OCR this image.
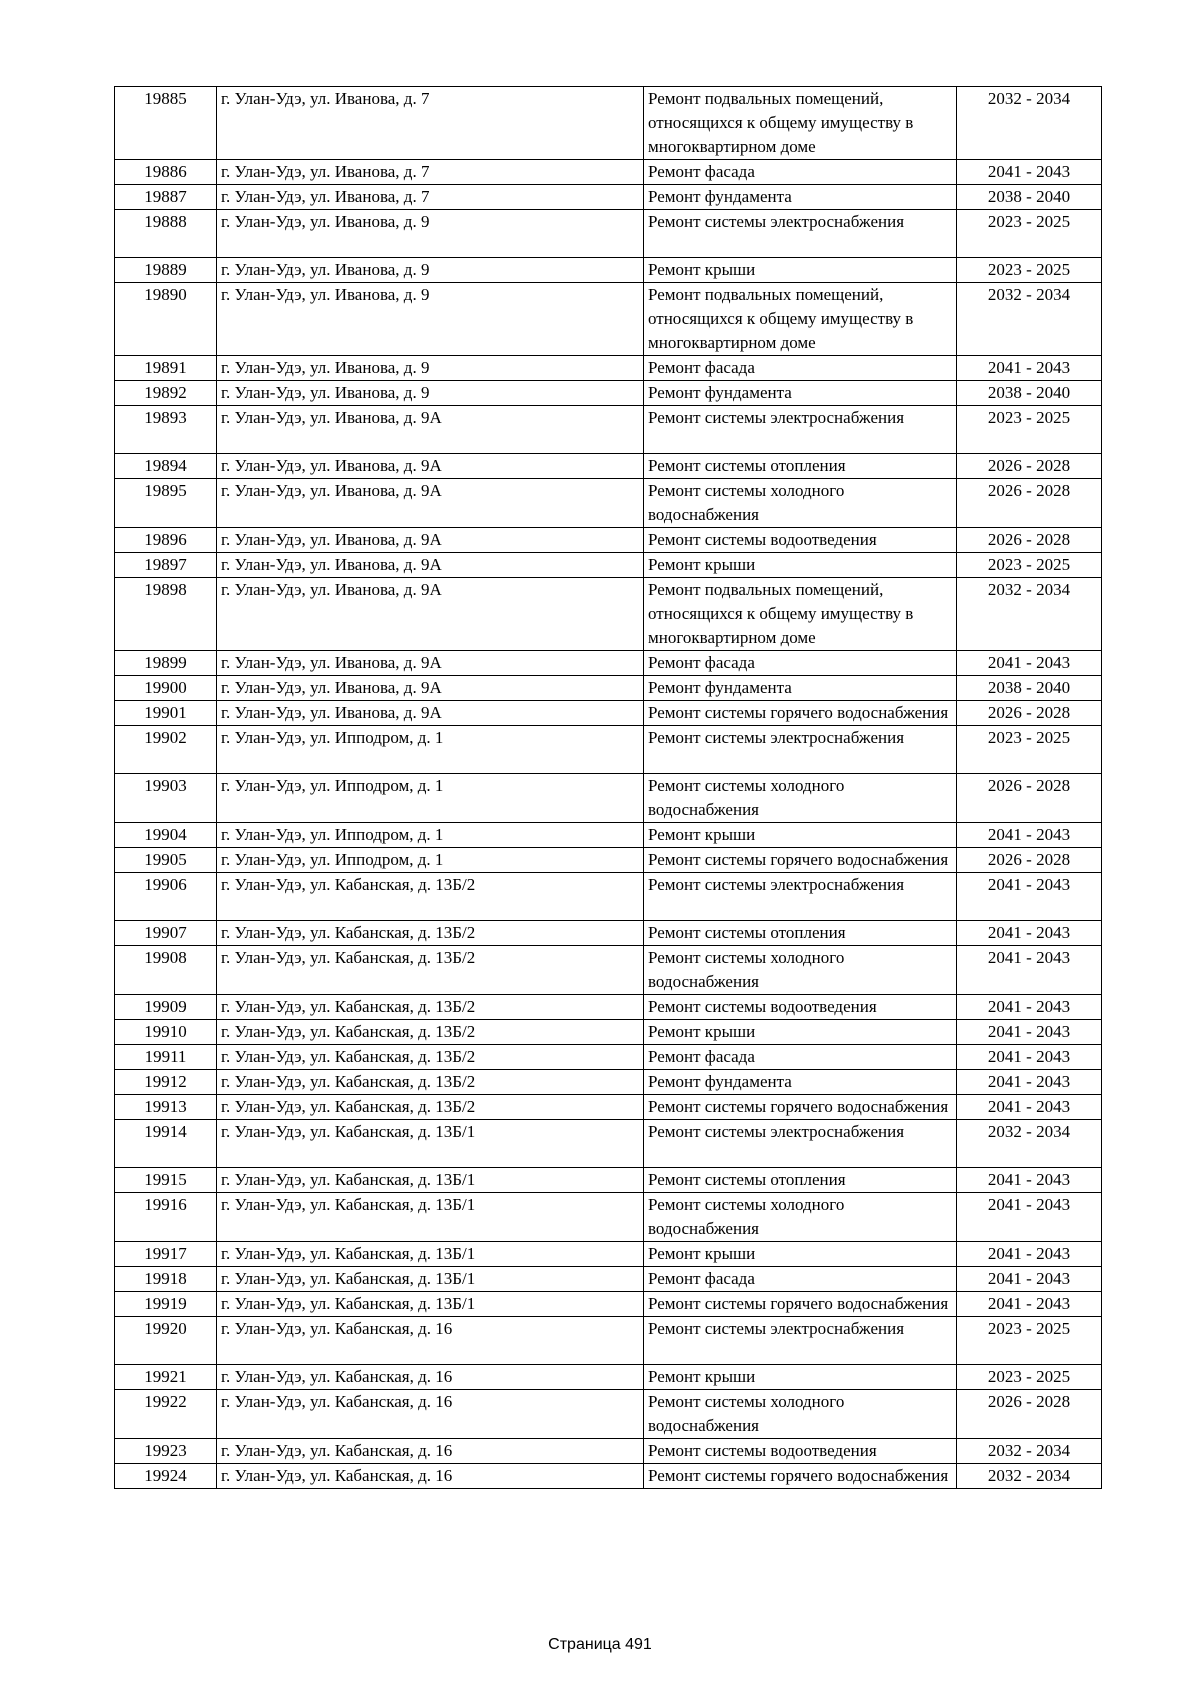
19885	г. Улан-Удэ, ул. Иванова, д. 7	Ремонт подвальных помещений, относящихся к общему имуществу в многоквартирном доме	2032 - 2034
19886	г. Улан-Удэ, ул. Иванова, д. 7	Ремонт фасада	2041 - 2043
19887	г. Улан-Удэ, ул. Иванова, д. 7	Ремонт фундамента	2038 - 2040
19888	г. Улан-Удэ, ул. Иванова, д. 9	Ремонт системы электроснабжения	2023 - 2025
19889	г. Улан-Удэ, ул. Иванова, д. 9	Ремонт крыши	2023 - 2025
19890	г. Улан-Удэ, ул. Иванова, д. 9	Ремонт подвальных помещений, относящихся к общему имуществу в многоквартирном доме	2032 - 2034
19891	г. Улан-Удэ, ул. Иванова, д. 9	Ремонт фасада	2041 - 2043
19892	г. Улан-Удэ, ул. Иванова, д. 9	Ремонт фундамента	2038 - 2040
19893	г. Улан-Удэ, ул. Иванова, д. 9А	Ремонт системы электроснабжения	2023 - 2025
19894	г. Улан-Удэ, ул. Иванова, д. 9А	Ремонт системы отопления	2026 - 2028
19895	г. Улан-Удэ, ул. Иванова, д. 9А	Ремонт системы холодного водоснабжения	2026 - 2028
19896	г. Улан-Удэ, ул. Иванова, д. 9А	Ремонт системы водоотведения	2026 - 2028
19897	г. Улан-Удэ, ул. Иванова, д. 9А	Ремонт крыши	2023 - 2025
19898	г. Улан-Удэ, ул. Иванова, д. 9А	Ремонт подвальных помещений, относящихся к общему имуществу в многоквартирном доме	2032 - 2034
19899	г. Улан-Удэ, ул. Иванова, д. 9А	Ремонт фасада	2041 - 2043
19900	г. Улан-Удэ, ул. Иванова, д. 9А	Ремонт фундамента	2038 - 2040
19901	г. Улан-Удэ, ул. Иванова, д. 9А	Ремонт системы горячего водоснабжения	2026 - 2028
19902	г. Улан-Удэ, ул. Ипподром, д. 1	Ремонт системы электроснабжения	2023 - 2025
19903	г. Улан-Удэ, ул. Ипподром, д. 1	Ремонт системы холодного водоснабжения	2026 - 2028
19904	г. Улан-Удэ, ул. Ипподром, д. 1	Ремонт крыши	2041 - 2043
19905	г. Улан-Удэ, ул. Ипподром, д. 1	Ремонт системы горячего водоснабжения	2026 - 2028
19906	г. Улан-Удэ, ул. Кабанская, д. 13Б/2	Ремонт системы электроснабжения	2041 - 2043
19907	г. Улан-Удэ, ул. Кабанская, д. 13Б/2	Ремонт системы отопления	2041 - 2043
19908	г. Улан-Удэ, ул. Кабанская, д. 13Б/2	Ремонт системы холодного водоснабжения	2041 - 2043
19909	г. Улан-Удэ, ул. Кабанская, д. 13Б/2	Ремонт системы водоотведения	2041 - 2043
19910	г. Улан-Удэ, ул. Кабанская, д. 13Б/2	Ремонт крыши	2041 - 2043
19911	г. Улан-Удэ, ул. Кабанская, д. 13Б/2	Ремонт фасада	2041 - 2043
19912	г. Улан-Удэ, ул. Кабанская, д. 13Б/2	Ремонт фундамента	2041 - 2043
19913	г. Улан-Удэ, ул. Кабанская, д. 13Б/2	Ремонт системы горячего водоснабжения	2041 - 2043
19914	г. Улан-Удэ, ул. Кабанская, д. 13Б/1	Ремонт системы электроснабжения	2032 - 2034
19915	г. Улан-Удэ, ул. Кабанская, д. 13Б/1	Ремонт системы отопления	2041 - 2043
19916	г. Улан-Удэ, ул. Кабанская, д. 13Б/1	Ремонт системы холодного водоснабжения	2041 - 2043
19917	г. Улан-Удэ, ул. Кабанская, д. 13Б/1	Ремонт крыши	2041 - 2043
19918	г. Улан-Удэ, ул. Кабанская, д. 13Б/1	Ремонт фасада	2041 - 2043
19919	г. Улан-Удэ, ул. Кабанская, д. 13Б/1	Ремонт системы горячего водоснабжения	2041 - 2043
19920	г. Улан-Удэ, ул. Кабанская, д. 16	Ремонт системы электроснабжения	2023 - 2025
19921	г. Улан-Удэ, ул. Кабанская, д. 16	Ремонт крыши	2023 - 2025
19922	г. Улан-Удэ, ул. Кабанская, д. 16	Ремонт системы холодного водоснабжения	2026 - 2028
19923	г. Улан-Удэ, ул. Кабанская, д. 16	Ремонт системы водоотведения	2032 - 2034
19924	г. Улан-Удэ, ул. Кабанская, д. 16	Ремонт системы горячего водоснабжения	2032 - 2034
Страница 491
